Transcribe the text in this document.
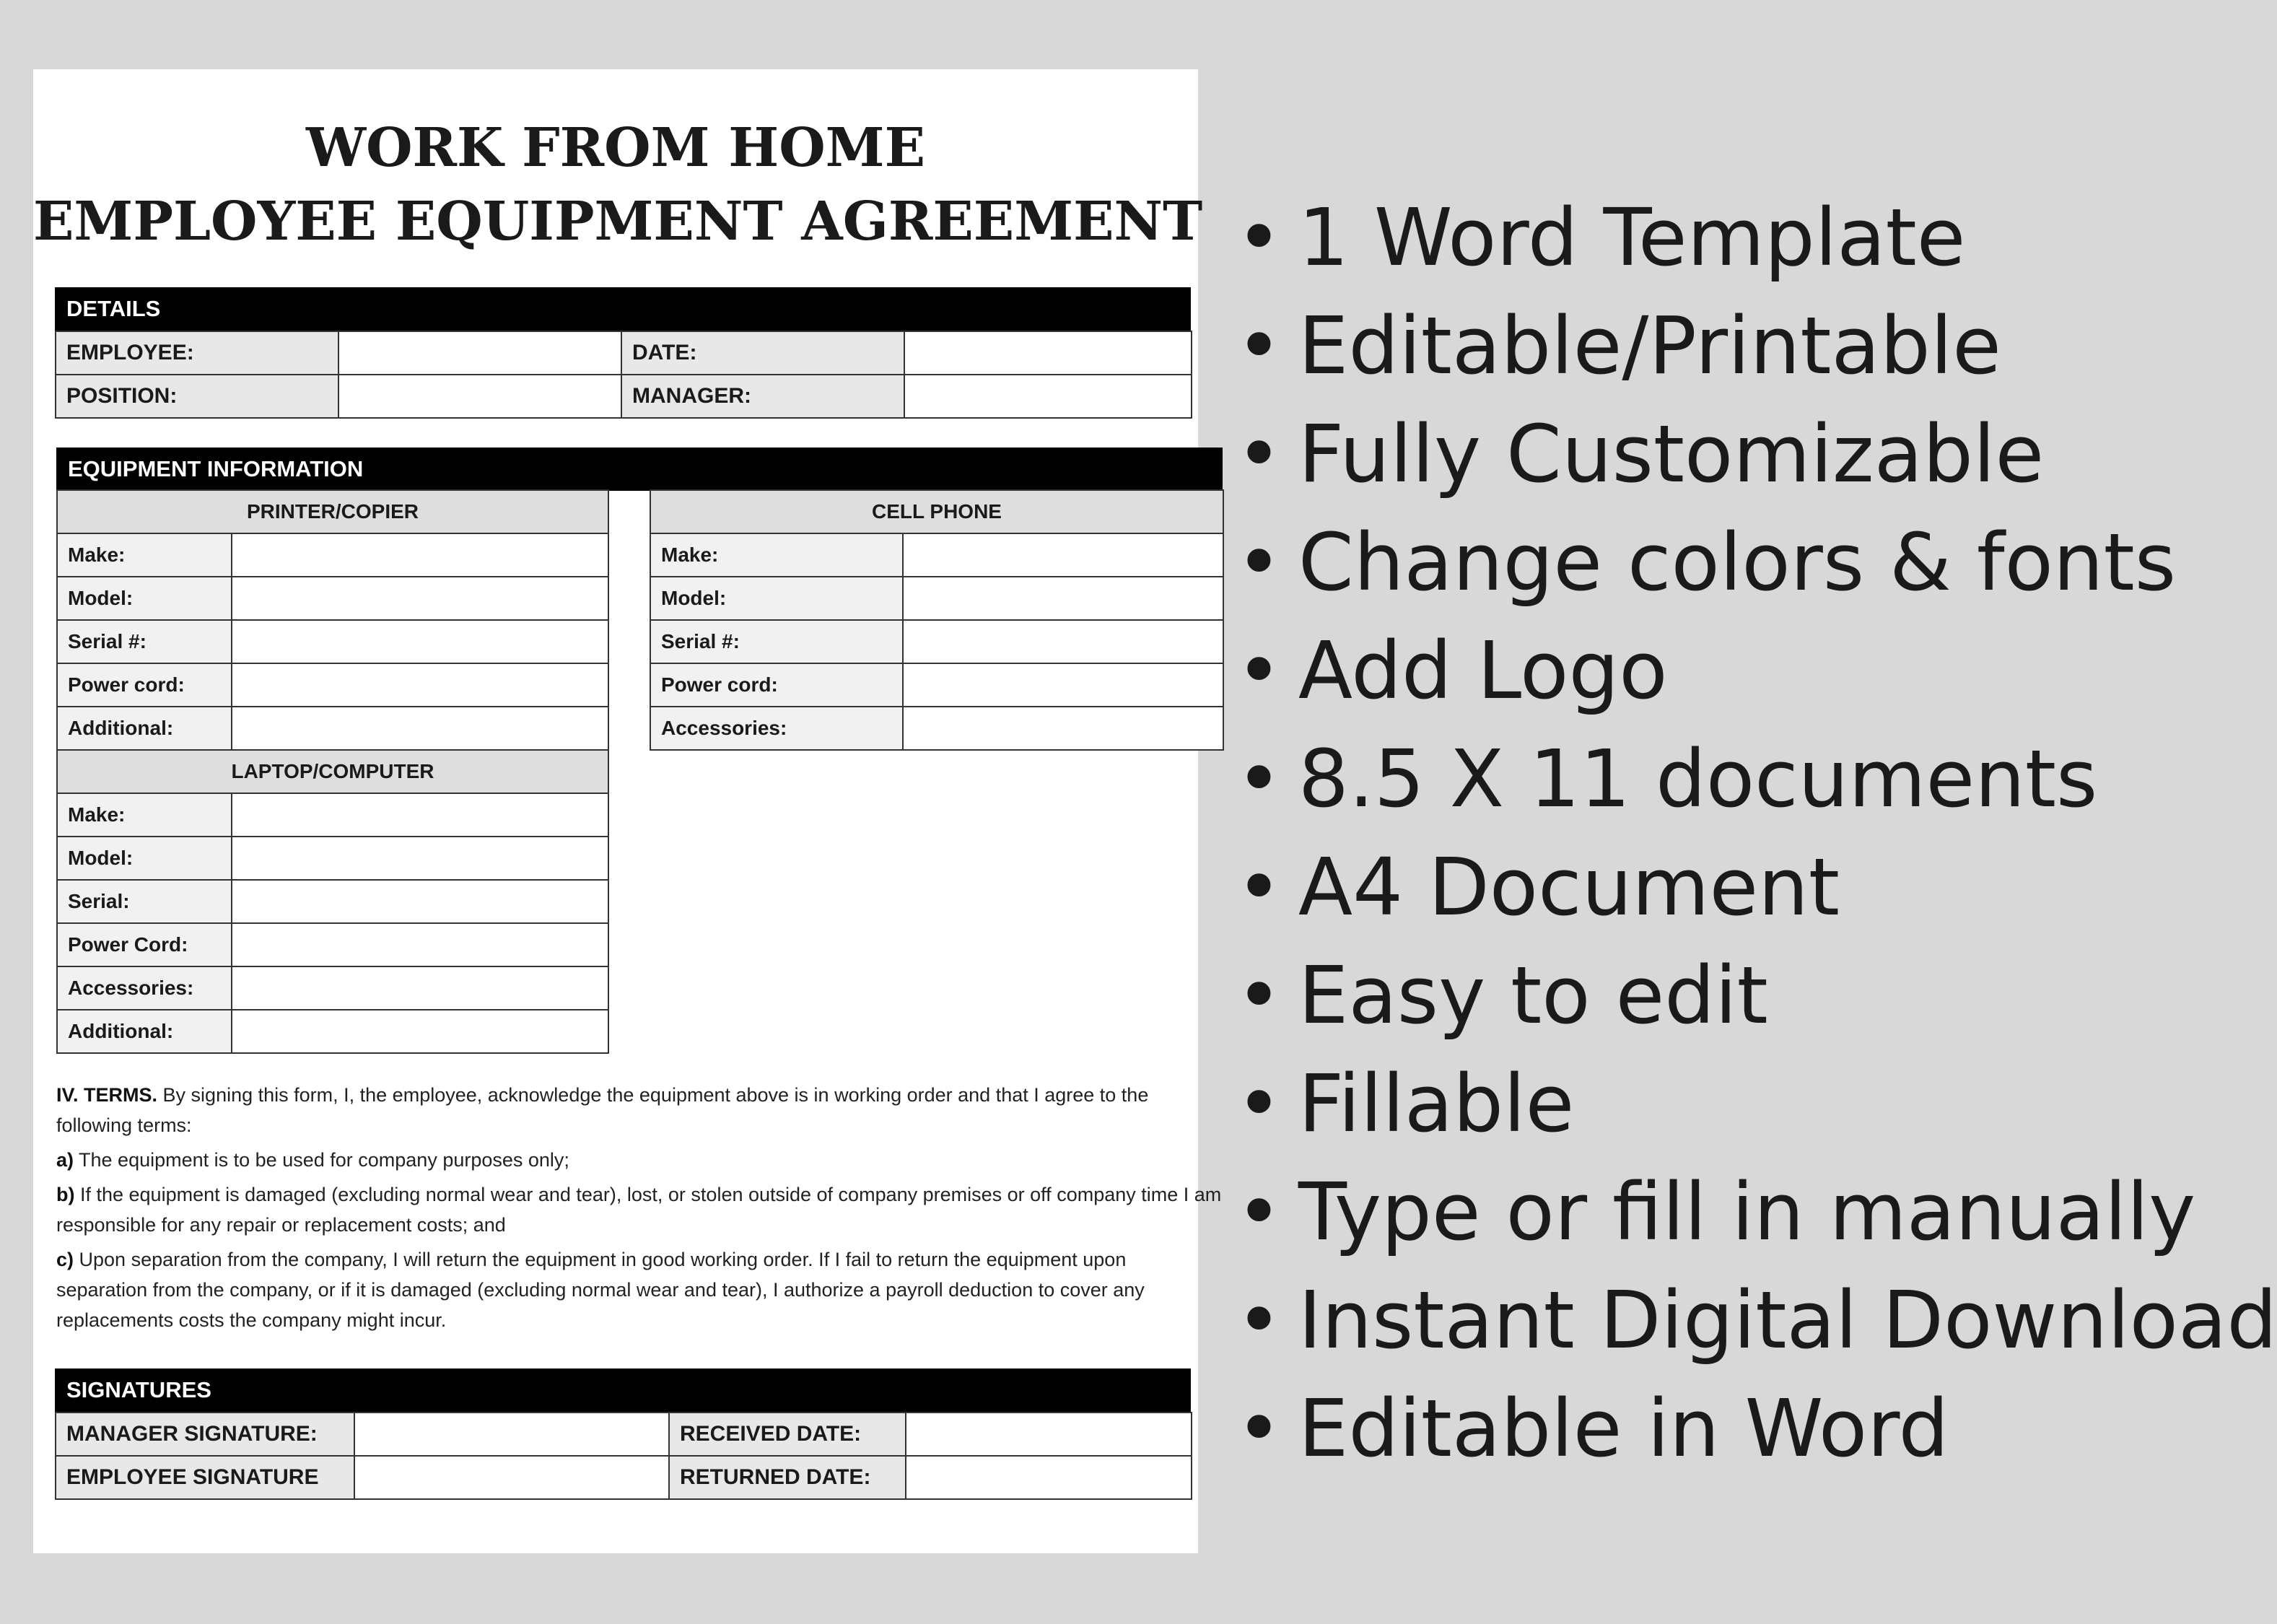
WORK FROM HOME
EMPLOYEE EQUIPMENT AGREEMENT
DETAILS
EMPLOYEE:		DATE:	
POSITION:		MANAGER:	
EQUIPMENT INFORMATION
PRINTER/COPIER	
Make:	
Model:	
Serial #:	
Power cord:	
Additional:	
LAPTOP/COMPUTER	
Make:	
Model:	
Serial:	
Power Cord:	
Accessories:	
Additional:	
CELL PHONE	
Make:	
Model:	
Serial #:	
Power cord:	
Accessories:	

IV. TERMS. By signing this form, I, the employee, acknowledge the equipment above is in working order and that I agree to the following terms:

a) The equipment is to be used for company purposes only;

b) If the equipment is damaged (excluding normal wear and tear), lost, or stolen outside of company premises or off company time I am responsible for any repair or replacement costs; and

c) Upon separation from the company, I will return the equipment in good working order. If I fail to return the equipment upon separation from the company, or if it is damaged (excluding normal wear and tear), I authorize a payroll deduction to cover any replacements costs the company might incur.

SIGNATURES
MANAGER SIGNATURE:		RECEIVED DATE:	
EMPLOYEE SIGNATURE		RETURNED DATE:	
• 1 Word Template
• Editable/Printable
• Fully Customizable
• Change colors & fonts
• Add Logo
• 8.5 X 11 documents
• A4 Document
• Easy to edit
• Fillable
• Type or fill in manually
• Instant Digital Download
• Editable in Word
